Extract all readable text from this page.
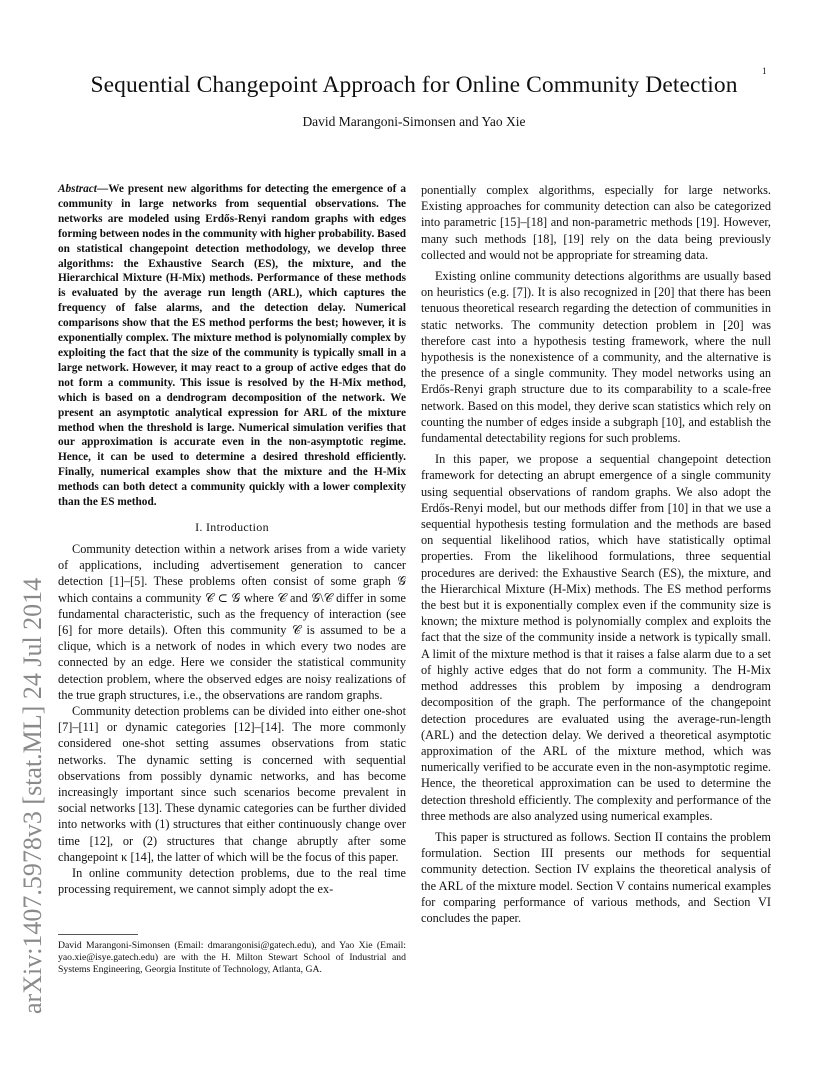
1
Sequential Changepoint Approach for Online Community Detection
David Marangoni-Simonsen and Yao Xie
arXiv:1407.5978v3 [stat.ML] 24 Jul 2014
Abstract—We present new algorithms for detecting the emergence of a community in large networks from sequential observations. The networks are modeled using Erdős-Renyi random graphs with edges forming between nodes in the community with higher probability. Based on statistical changepoint detection methodology, we develop three algorithms: the Exhaustive Search (ES), the mixture, and the Hierarchical Mixture (H-Mix) methods. Performance of these methods is evaluated by the average run length (ARL), which captures the frequency of false alarms, and the detection delay. Numerical comparisons show that the ES method performs the best; however, it is exponentially complex. The mixture method is polynomially complex by exploiting the fact that the size of the community is typically small in a large network. However, it may react to a group of active edges that do not form a community. This issue is resolved by the H-Mix method, which is based on a dendrogram decomposition of the network. We present an asymptotic analytical expression for ARL of the mixture method when the threshold is large. Numerical simulation verifies that our approximation is accurate even in the non-asymptotic regime. Hence, it can be used to determine a desired threshold efficiently. Finally, numerical examples show that the mixture and the H-Mix methods can both detect a community quickly with a lower complexity than the ES method.
I. Introduction

Community detection within a network arises from a wide variety of applications, including advertisement generation to cancer detection [1]–[5]. These problems often consist of some graph 𝒢 which contains a community 𝒞 ⊂ 𝒢 where 𝒞 and 𝒢\𝒞 differ in some fundamental characteristic, such as the frequency of interaction (see [6] for more details). Often this community 𝒞 is assumed to be a clique, which is a network of nodes in which every two nodes are connected by an edge. Here we consider the statistical community detection problem, where the observed edges are noisy realizations of the true graph structures, i.e., the observations are random graphs.

Community detection problems can be divided into either one-shot [7]–[11] or dynamic categories [12]–[14]. The more commonly considered one-shot setting assumes observations from static networks. The dynamic setting is concerned with sequential observations from possibly dynamic networks, and has become increasingly important since such scenarios become prevalent in social networks [13]. These dynamic categories can be further divided into networks with (1) structures that either continuously change over time [12], or (2) structures that change abruptly after some changepoint κ [14], the latter of which will be the focus of this paper.

In online community detection problems, due to the real time processing requirement, we cannot simply adopt the ex-

David Marangoni-Simonsen (Email: dmarangonisi@gatech.edu), and Yao Xie (Email: yao.xie@isye.gatech.edu) are with the H. Milton Stewart School of Industrial and Systems Engineering, Georgia Institute of Technology, Atlanta, GA.

ponentially complex algorithms, especially for large networks. Existing approaches for community detection can also be categorized into parametric [15]–[18] and non-parametric methods [19]. However, many such methods [18], [19] rely on the data being previously collected and would not be appropriate for streaming data.

Existing online community detections algorithms are usually based on heuristics (e.g. [7]). It is also recognized in [20] that there has been tenuous theoretical research regarding the detection of communities in static networks. The community detection problem in [20] was therefore cast into a hypothesis testing framework, where the null hypothesis is the nonexistence of a community, and the alternative is the presence of a single community. They model networks using an Erdős-Renyi graph structure due to its comparability to a scale-free network. Based on this model, they derive scan statistics which rely on counting the number of edges inside a subgraph [10], and establish the fundamental detectability regions for such problems.

In this paper, we propose a sequential changepoint detection framework for detecting an abrupt emergence of a single community using sequential observations of random graphs. We also adopt the Erdős-Renyi model, but our methods differ from [10] in that we use a sequential hypothesis testing formulation and the methods are based on sequential likelihood ratios, which have statistically optimal properties. From the likelihood formulations, three sequential procedures are derived: the Exhaustive Search (ES), the mixture, and the Hierarchical Mixture (H-Mix) methods. The ES method performs the best but it is exponentially complex even if the community size is known; the mixture method is polynomially complex and exploits the fact that the size of the community inside a network is typically small. A limit of the mixture method is that it raises a false alarm due to a set of highly active edges that do not form a community. The H-Mix method addresses this problem by imposing a dendrogram decomposition of the graph. The performance of the changepoint detection procedures are evaluated using the average-run-length (ARL) and the detection delay. We derived a theoretical asymptotic approximation of the ARL of the mixture method, which was numerically verified to be accurate even in the non-asymptotic regime. Hence, the theoretical approximation can be used to determine the detection threshold efficiently. The complexity and performance of the three methods are also analyzed using numerical examples.

This paper is structured as follows. Section II contains the problem formulation. Section III presents our methods for sequential community detection. Section IV explains the theoretical analysis of the ARL of the mixture model. Section V contains numerical examples for comparing performance of various methods, and Section VI concludes the paper.
